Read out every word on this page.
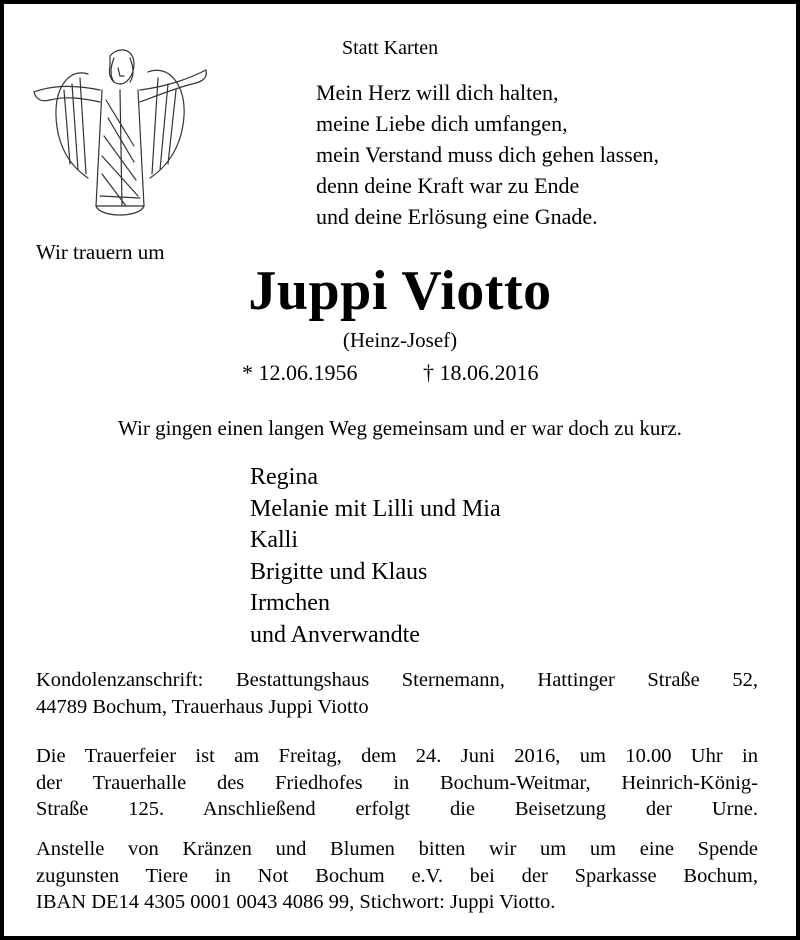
Statt Karten
Mein Herz will dich halten,
meine Liebe dich umfangen,
mein Verstand muss dich gehen lassen,
denn deine Kraft war zu Ende
und deine Erlösung eine Gnade.
Wir trauern um
Juppi Viotto
(Heinz-Josef)
* 12.06.1956	† 18.06.2016
Wir gingen einen langen Weg gemeinsam und er war doch zu kurz.
Regina
Melanie mit Lilli und Mia
Kalli
Brigitte und Klaus
Irmchen
und Anverwandte
Kondolenzanschrift: Bestattungshaus Sternemann, Hattinger Straße 52,
44789 Bochum, Trauerhaus Juppi Viotto
Die Trauerfeier ist am Freitag, dem 24. Juni 2016, um 10.00 Uhr in
der Trauerhalle des Friedhofes in Bochum-Weitmar, Heinrich-König-
Straße 125. Anschließend erfolgt die Beisetzung der Urne.
Anstelle von Kränzen und Blumen bitten wir um um eine Spende
zugunsten Tiere in Not Bochum e.V. bei der Sparkasse Bochum,
IBAN DE14 4305 0001 0043 4086 99, Stichwort: Juppi Viotto.
